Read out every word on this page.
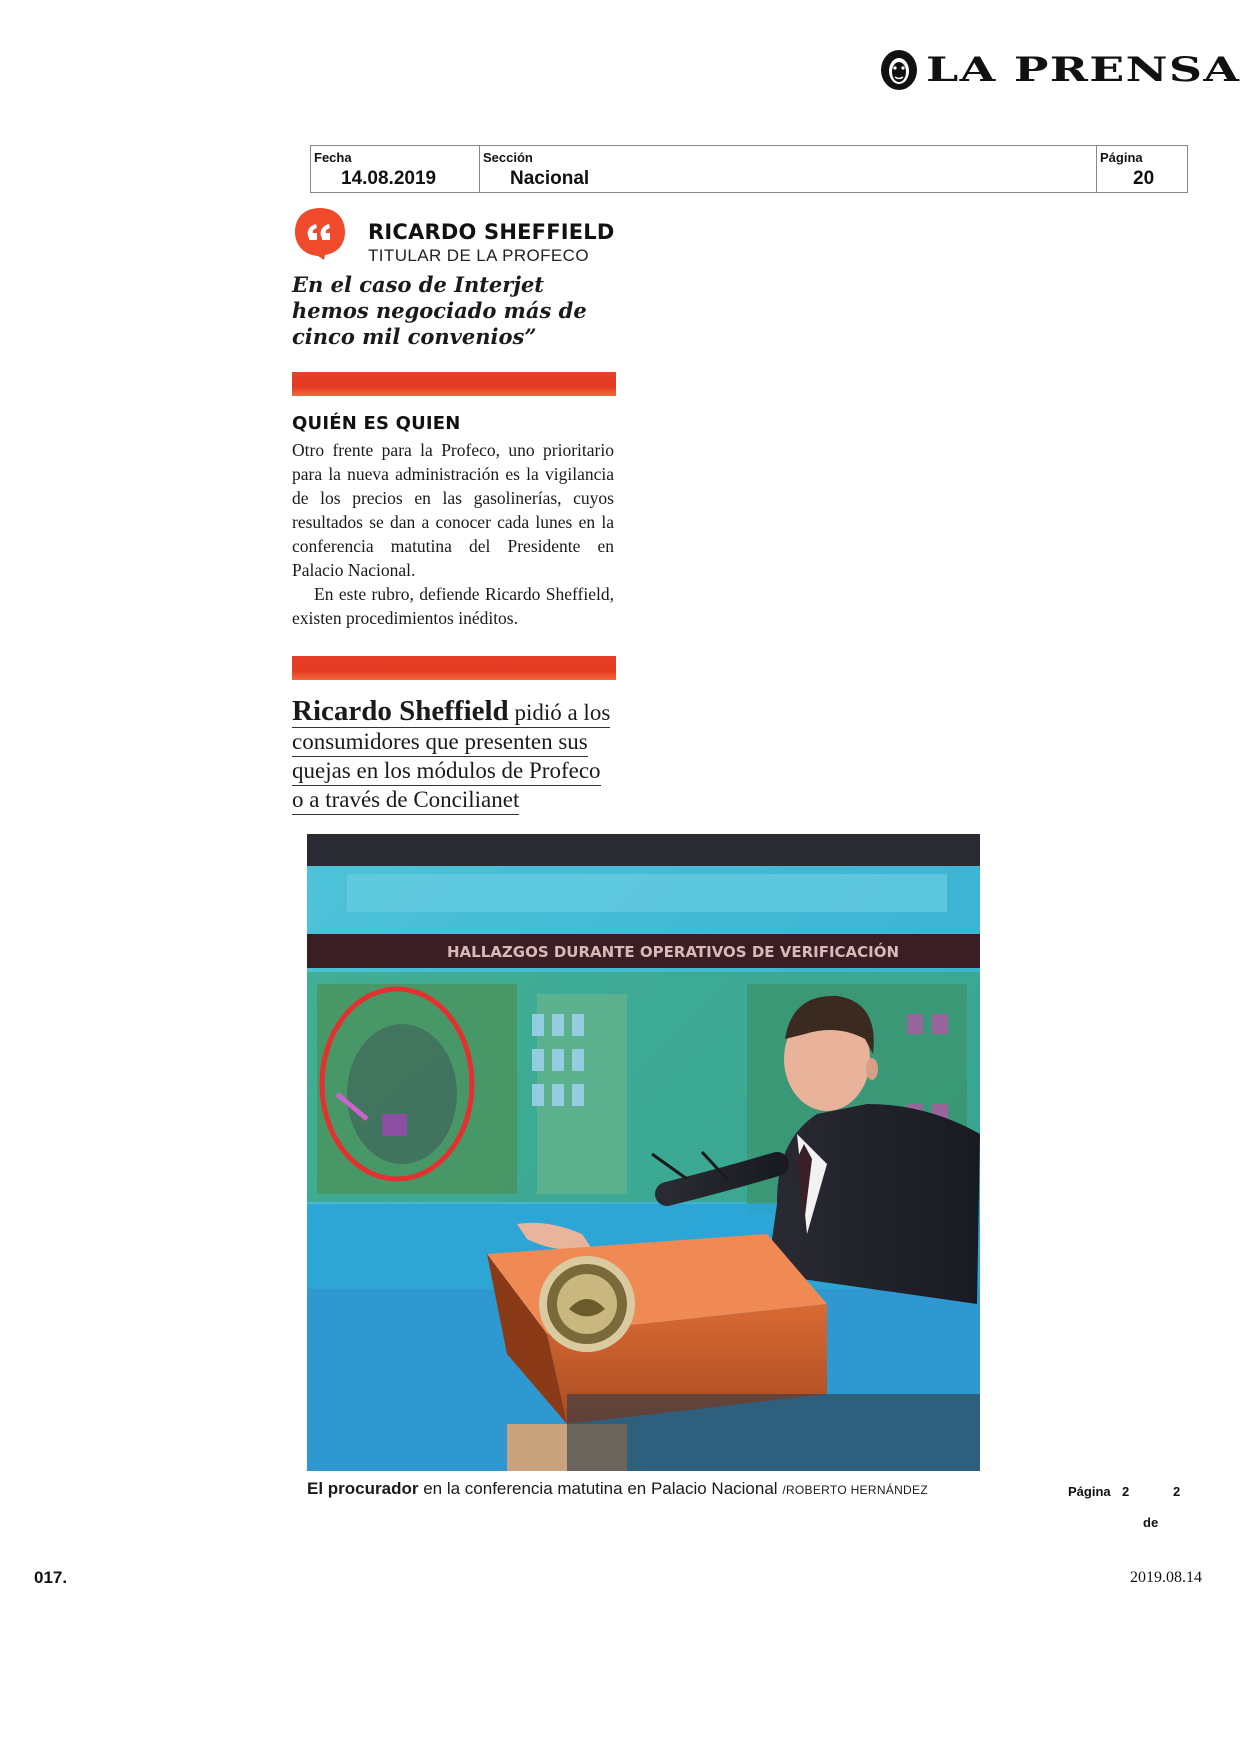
LA PRENSA
Fecha
14.08.2019
Sección
Nacional
Página
20
RICARDO SHEFFIELD
TITULAR DE LA PROFECO
En el caso de Interjet hemos negociado más de cinco mil convenios”
QUIÉN ES QUIEN

Otro frente para la Profeco, uno prioritario para la nueva administración es la vigilancia de los precios en las gasolinerías, cuyos resultados se dan a conocer cada lunes en la conferencia matutina del Presidente en Palacio Nacional.

En este rubro, defiende Ricardo Sheffield, existen procedimientos inéditos.

Ricardo Sheffield pidió a los
consumidores que presenten sus
quejas en los módulos de Profeco
o a través de Concilianet
HALLAZGOS DURANTE OPERATIVOS DE VERIFICACIÓN
El procurador en la conferencia matutina en Palacio Nacional /ROBERTO HERNÁNDEZ	Página 2	2
de
017.	2019.08.14
